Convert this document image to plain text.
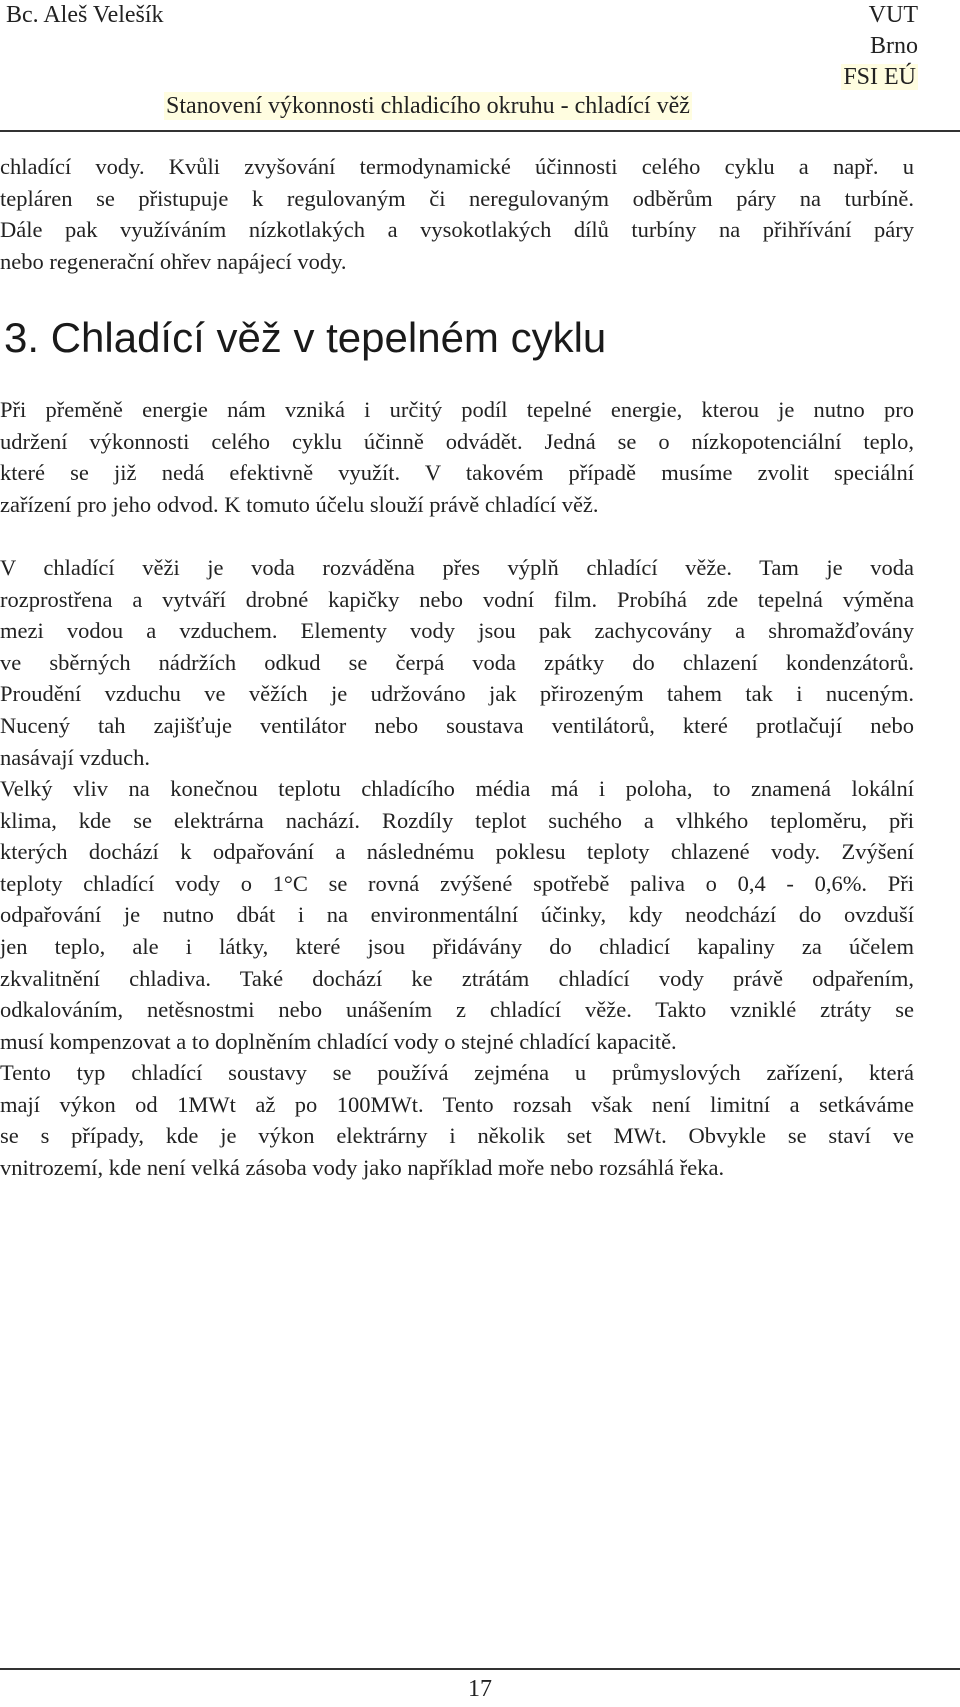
Bc. Aleš Velešík	VUT
Brno
FSI EÚ
Stanovení výkonnosti chladicího okruhu - chladící věž
chladící vody. Kvůli zvyšování termodynamické účinnosti celého cyklu a např. u
tepláren se přistupuje k regulovaným či neregulovaným odběrům páry na turbíně.
Dále pak využíváním nízkotlakých a vysokotlakých dílů turbíny na přihřívání páry
nebo regenerační ohřev napájecí vody.
3. Chladící věž v tepelném cyklu
Při přeměně energie nám vzniká i určitý podíl tepelné energie, kterou je nutno pro
udržení výkonnosti celého cyklu účinně odvádět. Jedná se o nízkopotenciální teplo,
které se již nedá efektivně využít. V takovém případě musíme zvolit speciální
zařízení pro jeho odvod. K tomuto účelu slouží právě chladící věž.
V chladící věži je voda rozváděna přes výplň chladící věže. Tam je voda
rozprostřena a vytváří drobné kapičky nebo vodní film. Probíhá zde tepelná výměna
mezi vodou a vzduchem. Elementy vody jsou pak zachycovány a shromažďovány
ve sběrných nádržích odkud se čerpá voda zpátky do chlazení kondenzátorů.
Proudění vzduchu ve věžích je udržováno jak přirozeným tahem tak i nuceným.
Nucený tah zajišťuje ventilátor nebo soustava ventilátorů, které protlačují nebo
nasávají vzduch.
Velký vliv na konečnou teplotu chladícího média má i poloha, to znamená lokální
klima, kde se elektrárna nachází. Rozdíly teplot suchého a vlhkého teploměru, při
kterých dochází k odpařování a následnému poklesu teploty chlazené vody. Zvýšení
teploty chladící vody o 1°C se rovná zvýšené spotřebě paliva o 0,4 - 0,6%. Při
odpařování je nutno dbát i na environmentální účinky, kdy neodchází do ovzduší
jen teplo, ale i látky, které jsou přidávány do chladicí kapaliny za účelem
zkvalitnění chladiva. Také dochází ke ztrátám chladící vody právě odpařením,
odkalováním, netěsnostmi nebo unášením z chladící věže. Takto vzniklé ztráty se
musí kompenzovat a to doplněním chladící vody o stejné chladící kapacitě.
Tento typ chladící soustavy se používá zejména u průmyslových zařízení, která
mají výkon od 1MWt až po 100MWt. Tento rozsah však není limitní a setkáváme
se s případy, kde je výkon elektrárny i několik set MWt. Obvykle se staví ve
vnitrozemí, kde není velká zásoba vody jako například moře nebo rozsáhlá řeka.
17
